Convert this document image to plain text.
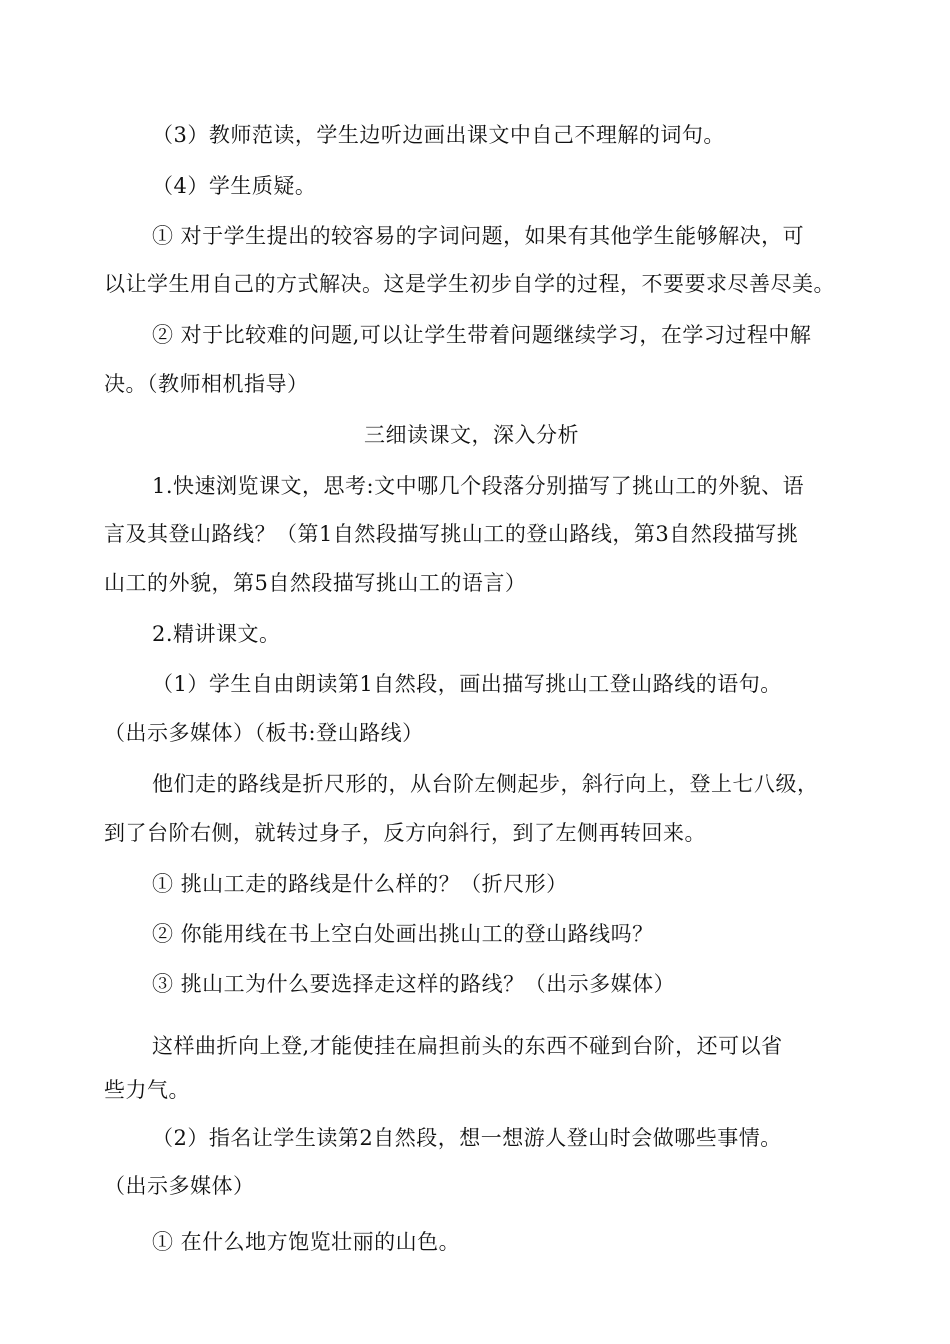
（3）教师范读，学生边听边画出课文中自己不理解的词句。
（4）学生质疑。
① 对于学生提出的较容易的字词问题，如果有其他学生能够解决，可
以让学生用自己的方式解决。这是学生初步自学的过程，不要要求尽善尽美。
② 对于比较难的问题,可以让学生带着问题继续学习，在学习过程中解
决。（教师相机指导）
三细读课文，深入分析
1.快速浏览课文，思考:文中哪几个段落分别描写了挑山工的外貌、语
言及其登山路线？（第1自然段描写挑山工的登山路线，第3自然段描写挑
山工的外貌，第5自然段描写挑山工的语言）
2.精讲课文。
（1）学生自由朗读第1自然段，画出描写挑山工登山路线的语句。
（出示多媒体）（板书:登山路线）
他们走的路线是折尺形的，从台阶左侧起步，斜行向上，登上七八级，
到了台阶右侧，就转过身子，反方向斜行，到了左侧再转回来。
① 挑山工走的路线是什么样的？（折尺形）
② 你能用线在书上空白处画出挑山工的登山路线吗？
③ 挑山工为什么要选择走这样的路线？（出示多媒体）
这样曲折向上登,才能使挂在扁担前头的东西不碰到台阶，还可以省
些力气。
（2）指名让学生读第2自然段，想一想游人登山时会做哪些事情。
（出示多媒体）
① 在什么地方饱览壮丽的山色。
